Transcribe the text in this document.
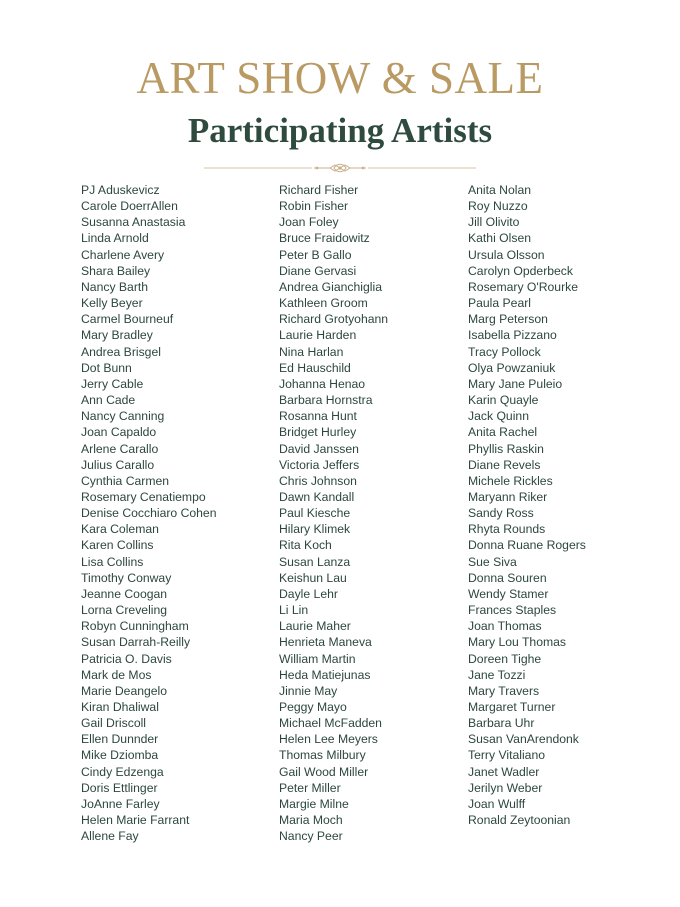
ART SHOW & SALE
Participating Artists
PJ Aduskevicz
Carole DoerrAllen
Susanna Anastasia
Linda Arnold
Charlene Avery
Shara Bailey
Nancy Barth
Kelly Beyer
Carmel Bourneuf
Mary Bradley
Andrea Brisgel
Dot Bunn
Jerry Cable
Ann Cade
Nancy Canning
Joan Capaldo
Arlene Carallo
Julius Carallo
Cynthia Carmen
Rosemary Cenatiempo
Denise Cocchiaro Cohen
Kara Coleman
Karen Collins
Lisa Collins
Timothy Conway
Jeanne Coogan
Lorna Creveling
Robyn Cunningham
Susan Darrah-Reilly
Patricia O. Davis
Mark de Mos
Marie Deangelo
Kiran Dhaliwal
Gail Driscoll
Ellen Dunnder
Mike Dziomba
Cindy Edzenga
Doris Ettlinger
JoAnne Farley
Helen Marie Farrant
Allene Fay
Richard Fisher
Robin Fisher
Joan Foley
Bruce Fraidowitz
Peter B Gallo
Diane Gervasi
Andrea Gianchiglia
Kathleen Groom
Richard Grotyohann
Laurie Harden
Nina Harlan
Ed Hauschild
Johanna Henao
Barbara Hornstra
Rosanna Hunt
Bridget Hurley
David Janssen
Victoria Jeffers
Chris Johnson
Dawn Kandall
Paul Kiesche
Hilary Klimek
Rita Koch
Susan Lanza
Keishun Lau
Dayle Lehr
Li Lin
Laurie Maher
Henrieta Maneva
William Martin
Heda Matiejunas
Jinnie May
Peggy Mayo
Michael McFadden
Helen Lee Meyers
Thomas Milbury
Gail Wood Miller
Peter Miller
Margie Milne
Maria Moch
Nancy Peer
Anita Nolan
Roy Nuzzo
Jill Olivito
Kathi Olsen
Ursula Olsson
Carolyn Opderbeck
Rosemary O'Rourke
Paula Pearl
Marg Peterson
Isabella Pizzano
Tracy Pollock
Olya Powzaniuk
Mary Jane Puleio
Karin Quayle
Jack Quinn
Anita Rachel
Phyllis Raskin
Diane Revels
Michele Rickles
Maryann Riker
Sandy Ross
Rhyta Rounds
Donna Ruane Rogers
Sue Siva
Donna Souren
Wendy Stamer
Frances Staples
Joan Thomas
Mary Lou Thomas
Doreen Tighe
Jane Tozzi
Mary Travers
Margaret Turner
Barbara Uhr
Susan VanArendonk
Terry Vitaliano
Janet Wadler
Jerilyn Weber
Joan Wulff
Ronald Zeytoonian
